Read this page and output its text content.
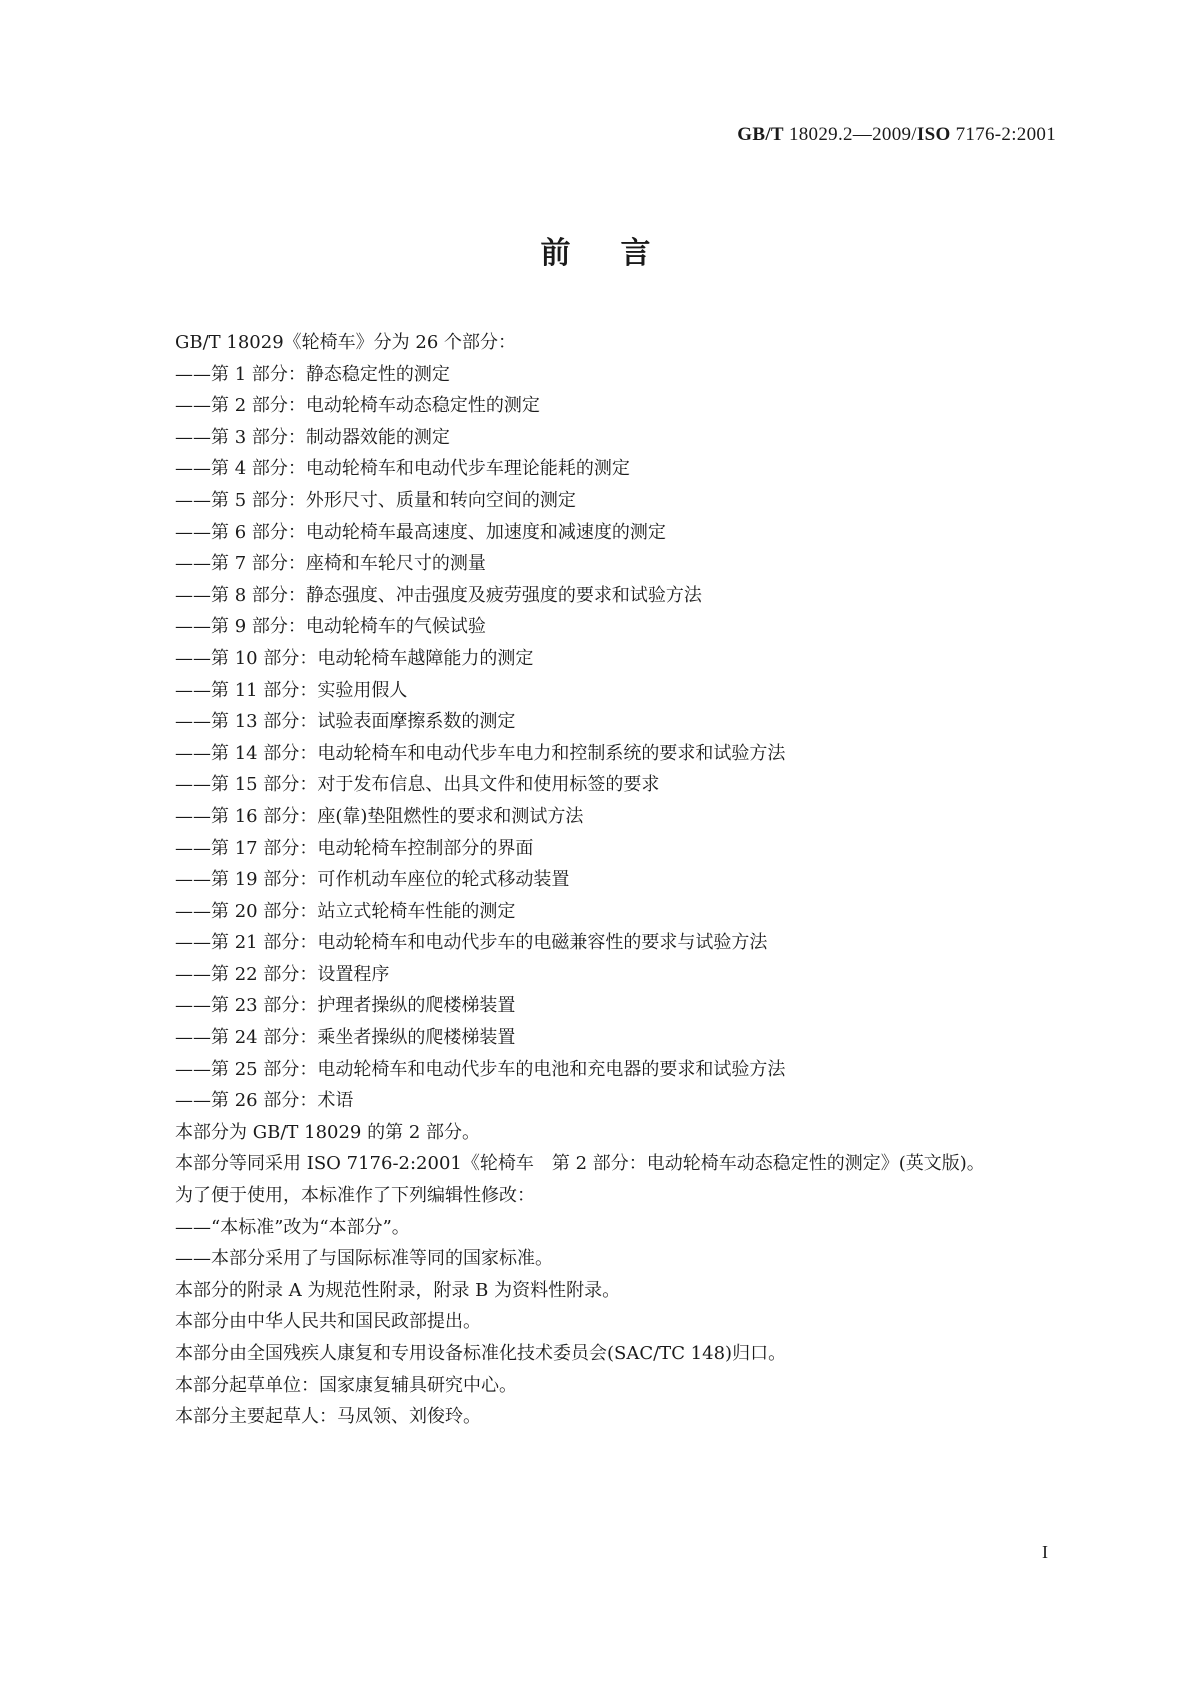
GB/T 18029.2—2009/ISO 7176-2:2001
前言
GB/T 18029《轮椅车》分为 26 个部分：
——第 1 部分：静态稳定性的测定
——第 2 部分：电动轮椅车动态稳定性的测定
——第 3 部分：制动器效能的测定
——第 4 部分：电动轮椅车和电动代步车理论能耗的测定
——第 5 部分：外形尺寸、质量和转向空间的测定
——第 6 部分：电动轮椅车最高速度、加速度和减速度的测定
——第 7 部分：座椅和车轮尺寸的测量
——第 8 部分：静态强度、冲击强度及疲劳强度的要求和试验方法
——第 9 部分：电动轮椅车的气候试验
——第 10 部分：电动轮椅车越障能力的测定
——第 11 部分：实验用假人
——第 13 部分：试验表面摩擦系数的测定
——第 14 部分：电动轮椅车和电动代步车电力和控制系统的要求和试验方法
——第 15 部分：对于发布信息、出具文件和使用标签的要求
——第 16 部分：座(靠)垫阻燃性的要求和测试方法
——第 17 部分：电动轮椅车控制部分的界面
——第 19 部分：可作机动车座位的轮式移动装置
——第 20 部分：站立式轮椅车性能的测定
——第 21 部分：电动轮椅车和电动代步车的电磁兼容性的要求与试验方法
——第 22 部分：设置程序
——第 23 部分：护理者操纵的爬楼梯装置
——第 24 部分：乘坐者操纵的爬楼梯装置
——第 25 部分：电动轮椅车和电动代步车的电池和充电器的要求和试验方法
——第 26 部分：术语
本部分为 GB/T 18029 的第 2 部分。
本部分等同采用 ISO 7176-2:2001《轮椅车　第 2 部分：电动轮椅车动态稳定性的测定》(英文版)。
为了便于使用，本标准作了下列编辑性修改：
——“本标准”改为“本部分”。
——本部分采用了与国际标准等同的国家标准。
本部分的附录 A 为规范性附录，附录 B 为资料性附录。
本部分由中华人民共和国民政部提出。
本部分由全国残疾人康复和专用设备标准化技术委员会(SAC/TC 148)归口。
本部分起草单位：国家康复辅具研究中心。
本部分主要起草人：马凤领、刘俊玲。
I
